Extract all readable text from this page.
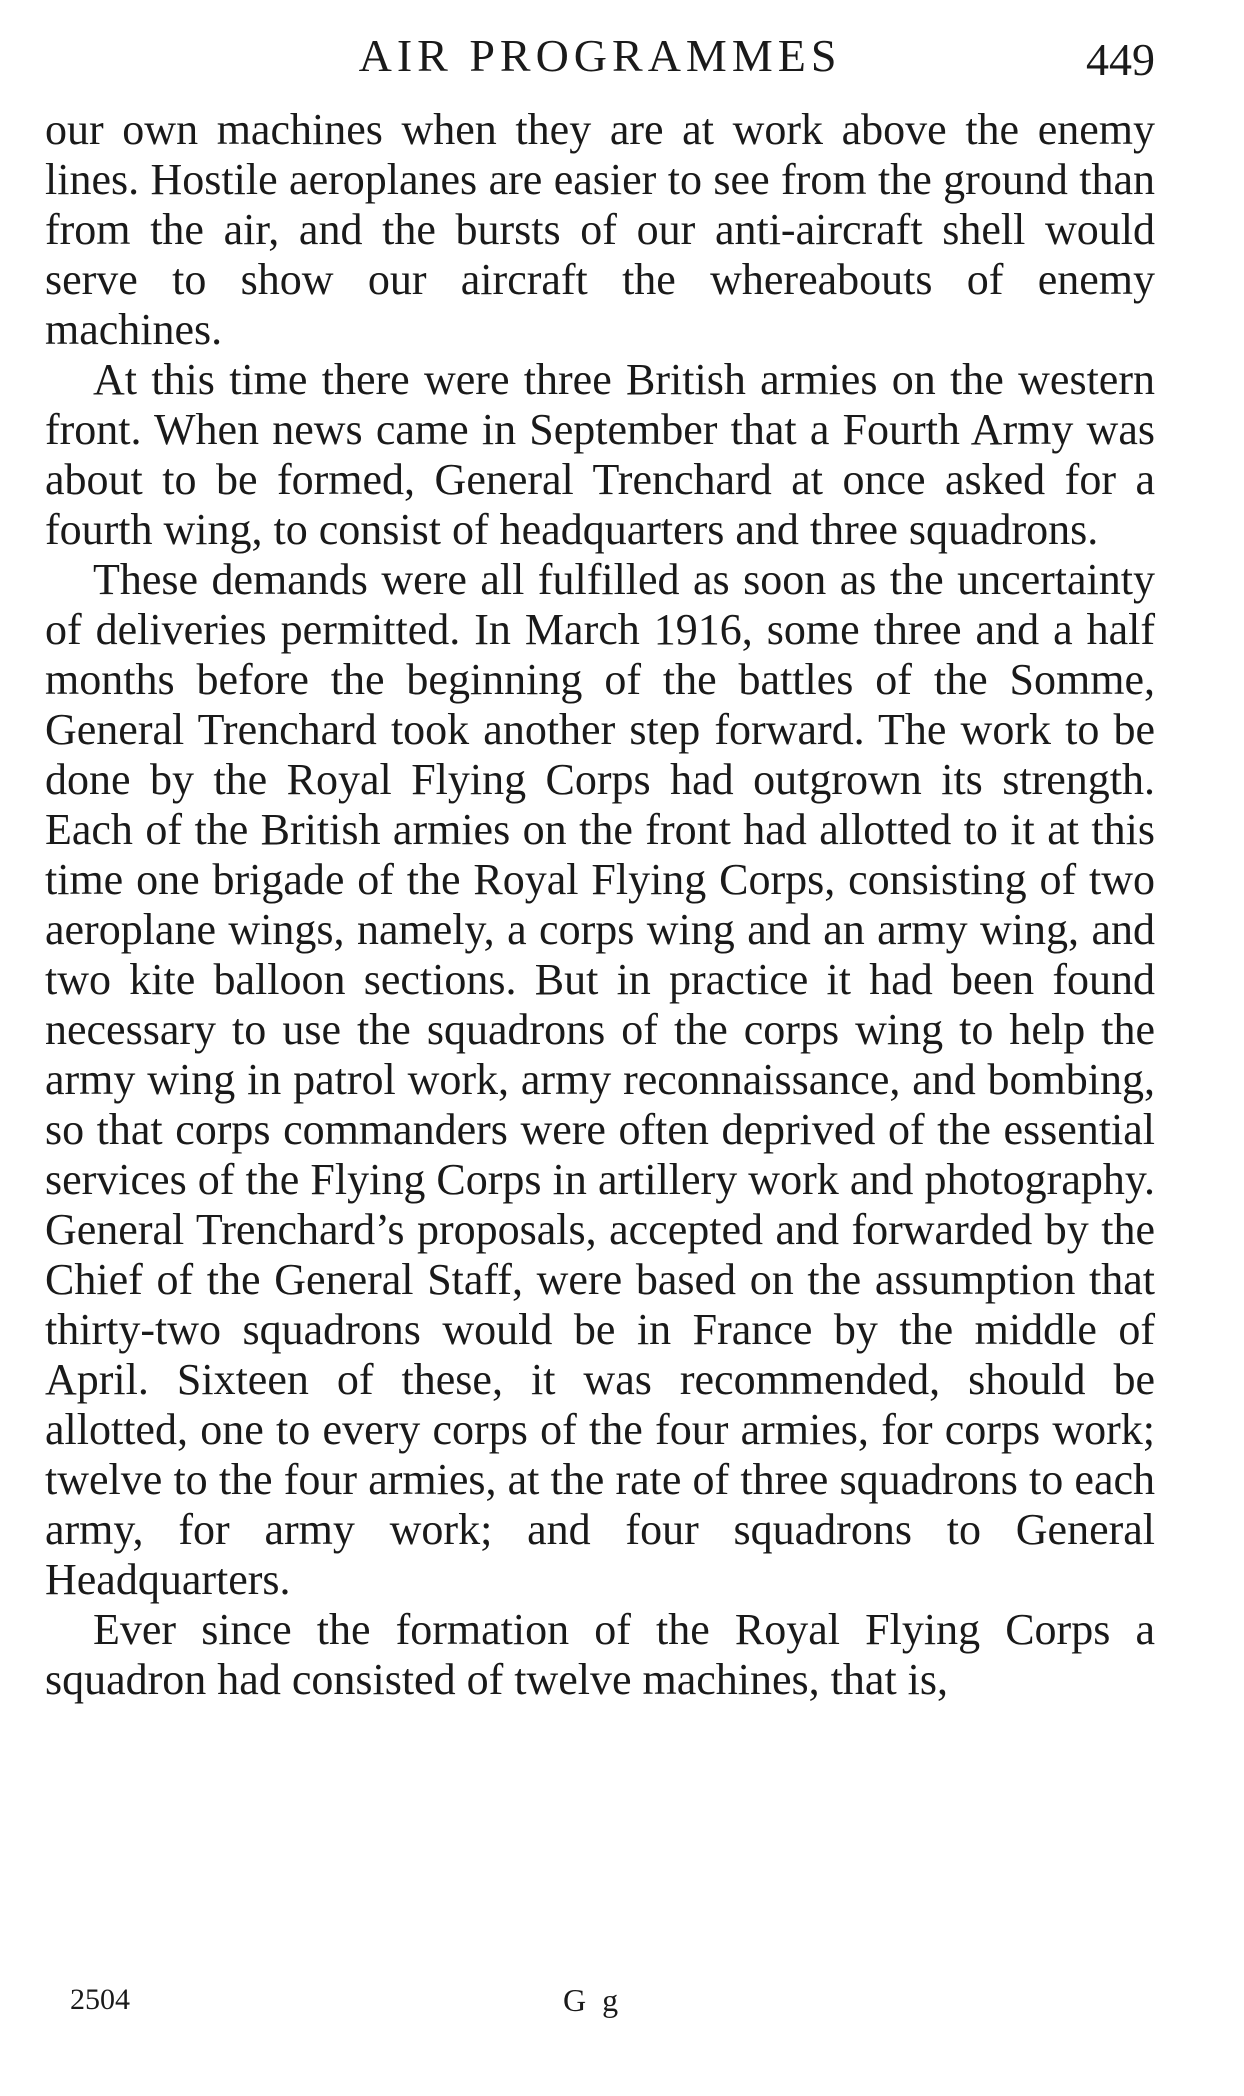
AIR PROGRAMMES	449

our own machines when they are at work above the enemy lines. Hostile aeroplanes are easier to see from the ground than from the air, and the bursts of our anti-aircraft shell would serve to show our aircraft the whereabouts of enemy machines.

At this time there were three British armies on the western front. When news came in September that a Fourth Army was about to be formed, General Trenchard at once asked for a fourth wing, to consist of headquarters and three squadrons.

These demands were all fulfilled as soon as the uncertainty of deliveries permitted. In March 1916, some three and a half months before the beginning of the battles of the Somme, General Trenchard took another step forward. The work to be done by the Royal Flying Corps had outgrown its strength. Each of the British armies on the front had allotted to it at this time one brigade of the Royal Flying Corps, consisting of two aeroplane wings, namely, a corps wing and an army wing, and two kite balloon sections. But in practice it had been found necessary to use the squadrons of the corps wing to help the army wing in patrol work, army reconnaissance, and bombing, so that corps commanders were often deprived of the essential services of the Flying Corps in artillery work and photography. General Trenchard’s proposals, accepted and forwarded by the Chief of the General Staff, were based on the assumption that thirty-two squadrons would be in France by the middle of April. Sixteen of these, it was recommended, should be allotted, one to every corps of the four armies, for corps work; twelve to the four armies, at the rate of three squadrons to each army, for army work; and four squadrons to General Headquarters.

Ever since the formation of the Royal Flying Corps a squadron had consisted of twelve machines, that is,

2504	G g
